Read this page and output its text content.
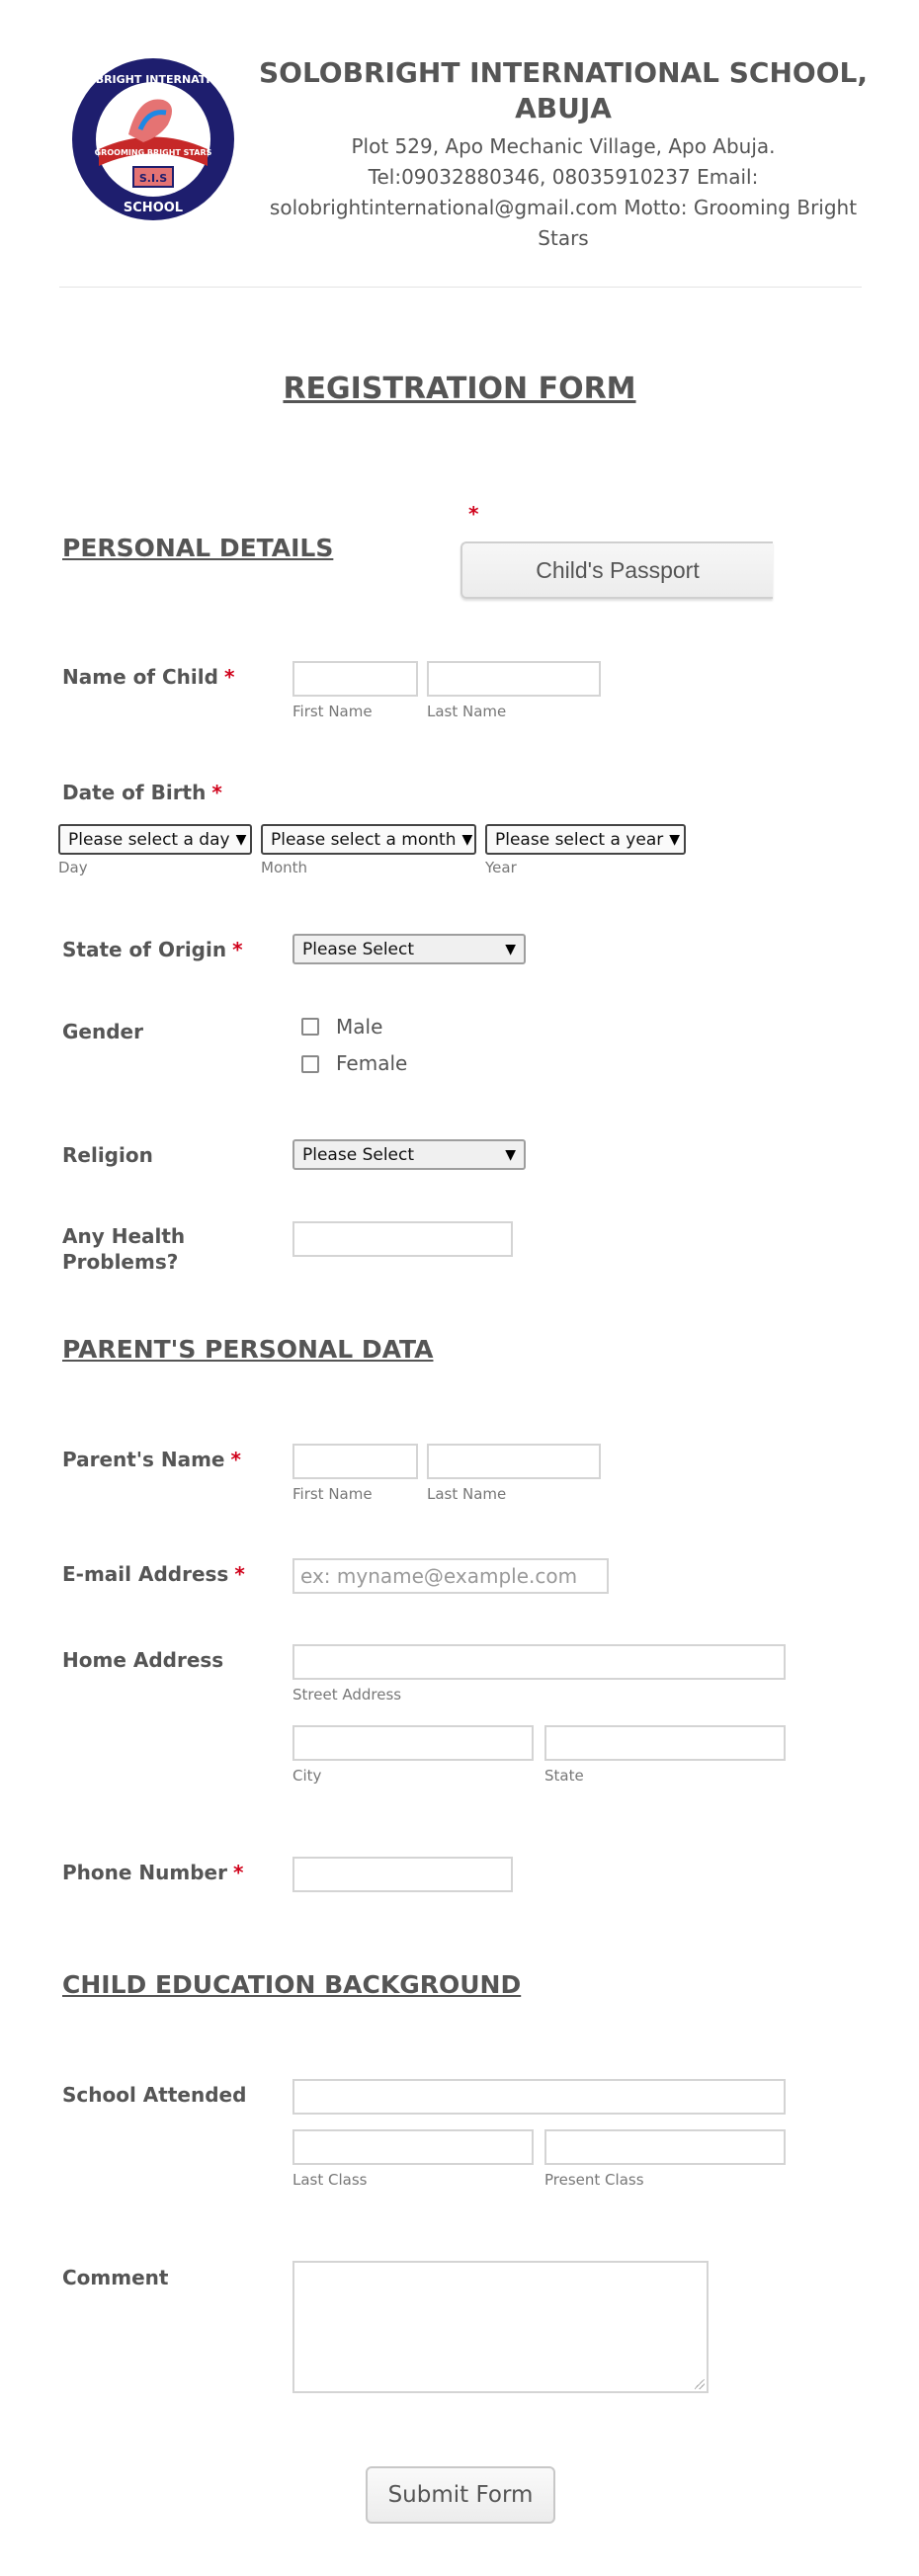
S.I.S
GROOMING BRIGHT STARS
SOLOBRIGHT INTERNATIONAL
SCHOOL
SOLOBRIGHT INTERNATIONAL SCHOOL, ABUJA
Plot 529, Apo Mechanic Village, Apo Abuja.
Tel:09032880346, 08035910237 Email: solobrightinternational@gmail.com Motto: Grooming Bright Stars
REGISTRATION FORM
PERSONAL DETAILS
*
Child's Passport
Name of Child *
First Name	Last Name
Date of Birth *
Please select a day ▼ Please select a month ▼ Please select a year ▼
Day	Month	Year
State of Origin *	Please Select	▼
Gender	Male
Female
Religion	Please Select	▼
Any Health Problems?
PARENT'S PERSONAL DATA
Parent's Name *
First Name	Last Name
E-mail Address *	ex: myname@example.com
Home Address
Street Address
City	State
Phone Number *
CHILD EDUCATION BACKGROUND
School Attended
Last Class	Present Class
Comment
Submit Form
